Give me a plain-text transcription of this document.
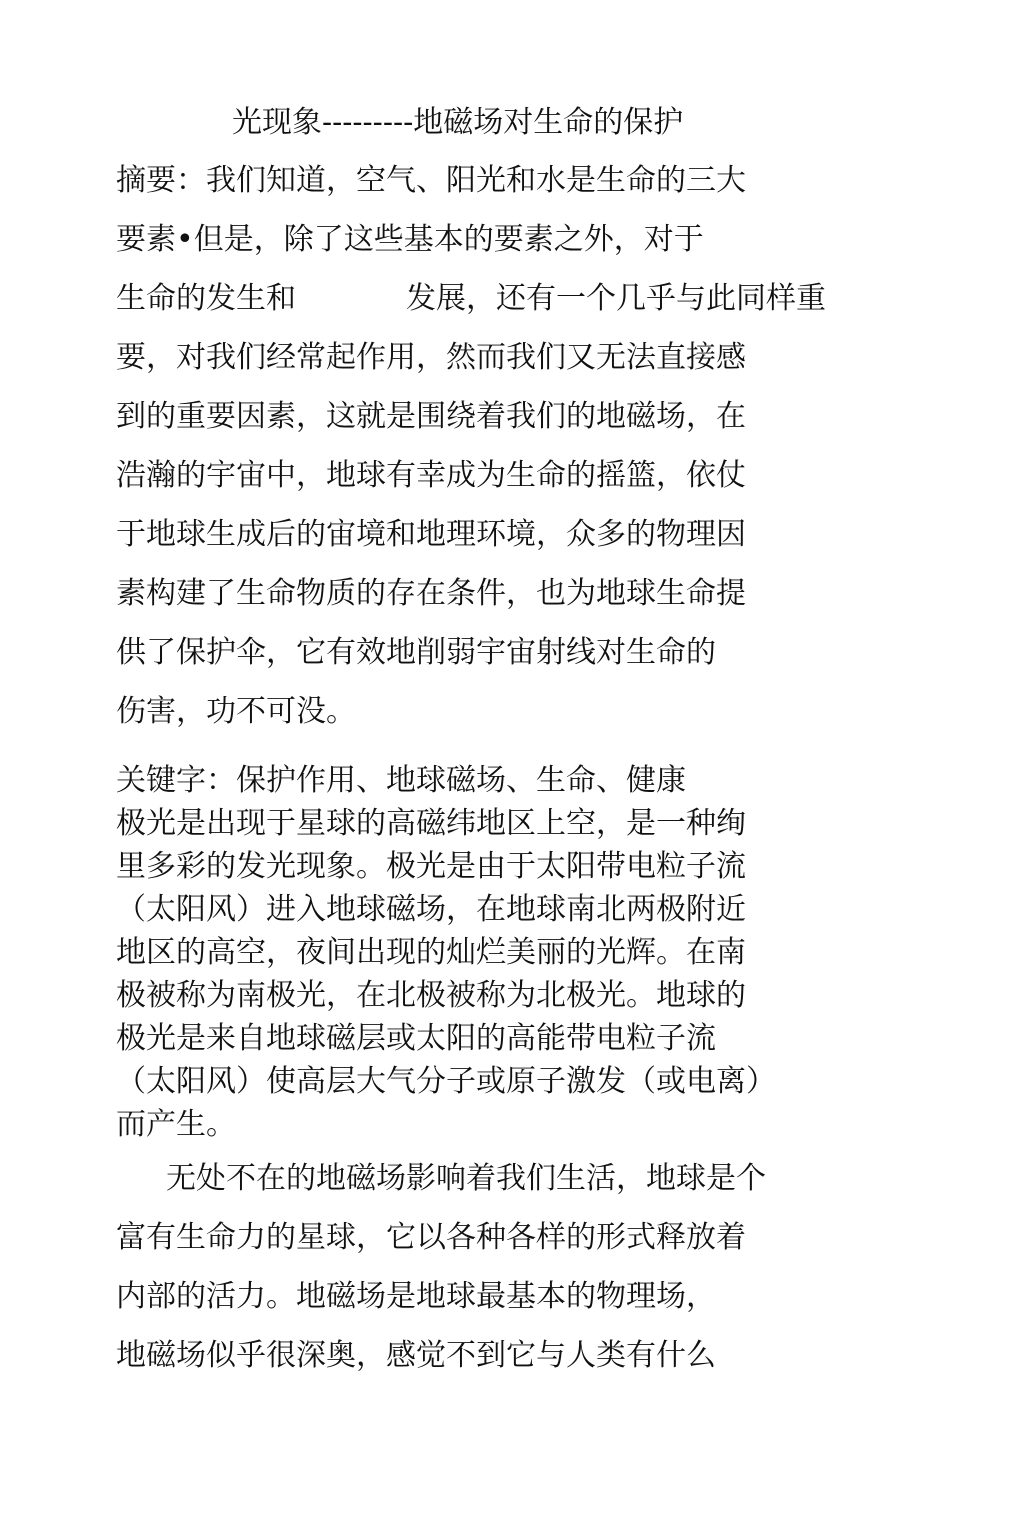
光现象---------地磁场对生命的保护
摘要：我们知道，空气、阳光和水是生命的三大
要素•但是，除了这些基本的要素之外，对于
生命的发生和	发展，还有一个几乎与此同样重
要，对我们经常起作用，然而我们又无法直接感
到的重要因素，这就是围绕着我们的地磁场，在
浩瀚的宇宙中，地球有幸成为生命的摇篮，依仗
于地球生成后的宙境和地理环境，众多的物理因
素构建了生命物质的存在条件，也为地球生命提
供了保护伞，它有效地削弱宇宙射线对生命的
伤害，功不可没。
关键字：保护作用、地球磁场、生命、健康
极光是出现于星球的高磁纬地区上空，是一种绚
里多彩的发光现象。极光是由于太阳带电粒子流
（太阳风）进入地球磁场，在地球南北两极附近
地区的高空，夜间出现的灿烂美丽的光辉。在南
极被称为南极光，在北极被称为北极光。地球的
极光是来自地球磁层或太阳的高能带电粒子流
（太阳风）使高层大气分子或原子激发（或电离）
而产生。
无处不在的地磁场影响着我们生活，地球是个
富有生命力的星球，它以各种各样的形式释放着
内部的活力。地磁场是地球最基本的物理场，
地磁场似乎很深奥，感觉不到它与人类有什么
